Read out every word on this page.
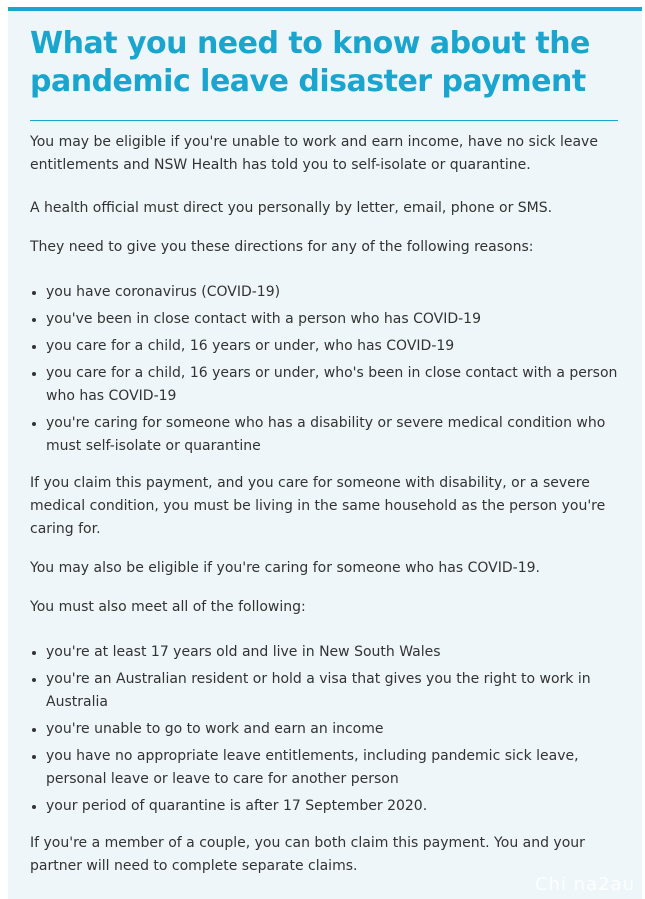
What you need to know about the pandemic leave disaster payment

You may be eligible if you're unable to work and earn income, have no sick leave entitlements and NSW Health has told you to self-isolate or quarantine.

A health official must direct you personally by letter, email, phone or SMS.

They need to give you these directions for any of the following reasons:

you have coronavirus (COVID-19)
you've been in close contact with a person who has COVID-19
you care for a child, 16 years or under, who has COVID-19
you care for a child, 16 years or under, who's been in close contact with a person who has COVID-19
you're caring for someone who has a disability or severe medical condition who must self-isolate or quarantine

If you claim this payment, and you care for someone with disability, or a severe medical condition, you must be living in the same household as the person you're caring for.

You may also be eligible if you're caring for someone who has COVID-19.

You must also meet all of the following:

you're at least 17 years old and live in New South Wales
you're an Australian resident or hold a visa that gives you the right to work in Australia
you're unable to go to work and earn an income
you have no appropriate leave entitlements, including pandemic sick leave, personal leave or leave to care for another person
your period of quarantine is after 17 September 2020.

If you're a member of a couple, you can both claim this payment. You and your partner will need to complete separate claims.

Chi na2au
